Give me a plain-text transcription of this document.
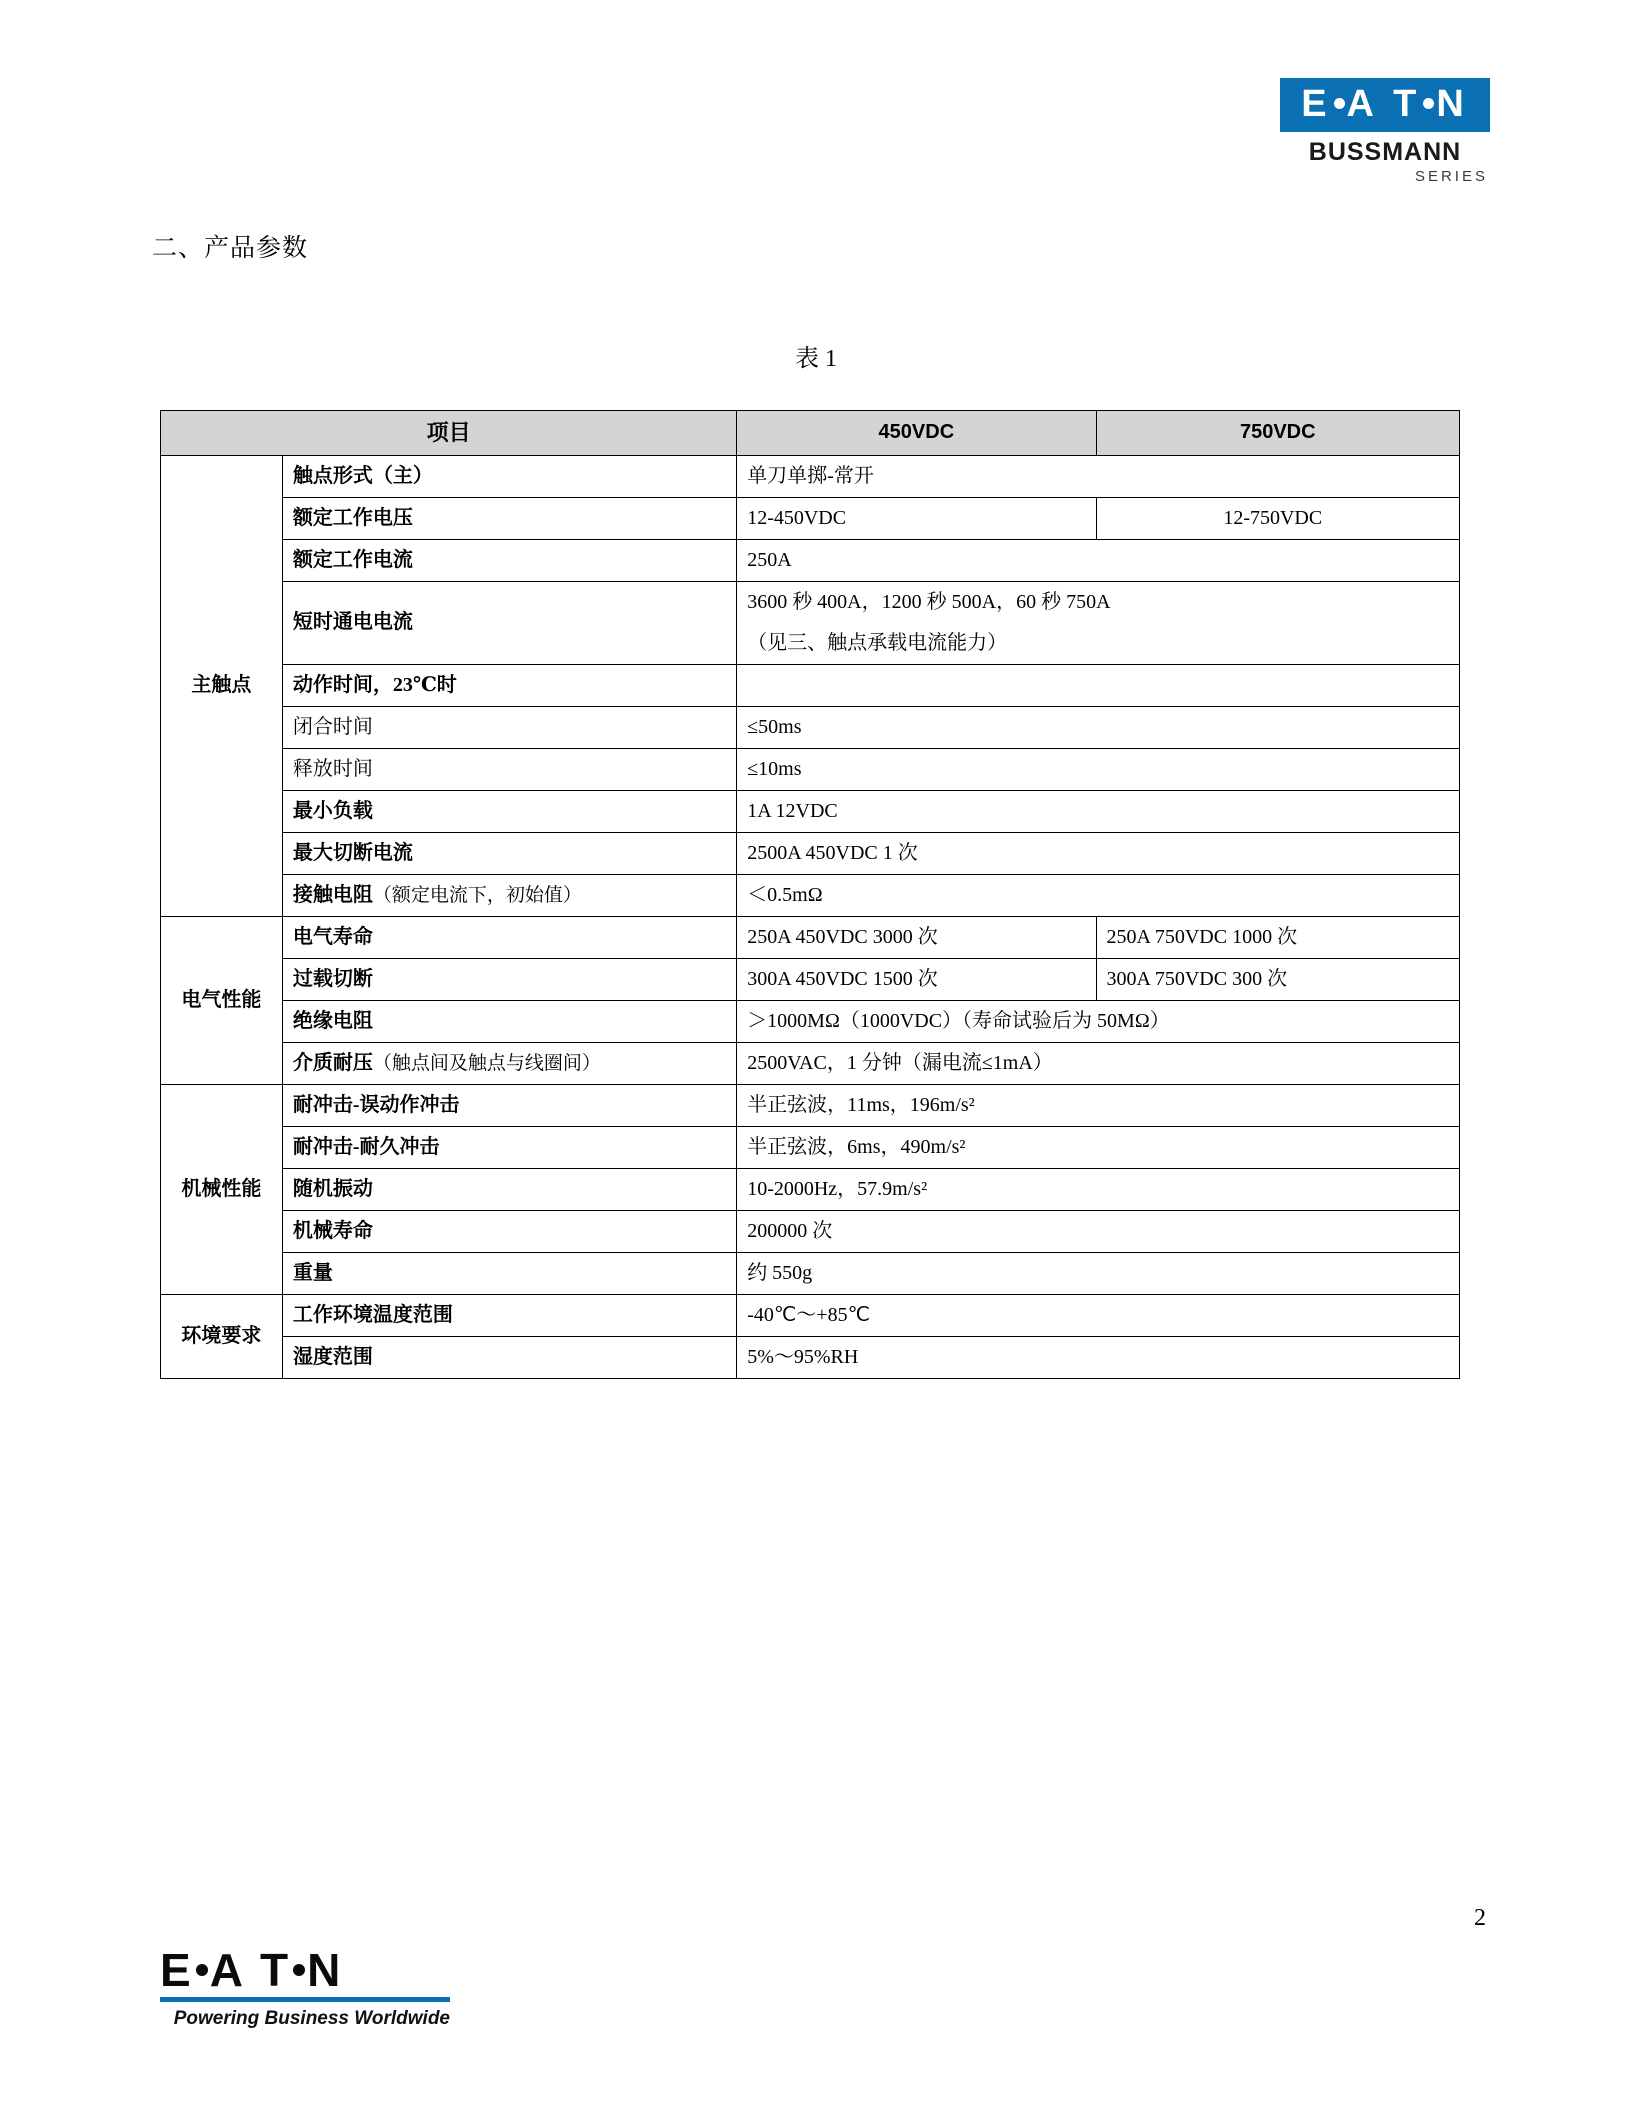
E A T N
BUSSMANN
SERIES
二、产品参数
表 1
项目		450VDC	750VDC
主触点	触点形式（主）	单刀单掷-常开	
	额定工作电压	12-450VDC	12-750VDC
	额定工作电流	250A	
	短时通电电流	3600 秒 400A，1200 秒 500A，60 秒 750A
（见三、触点承载电流能力）	

	动作时间，23℃时		
	闭合时间	≤50ms	
	释放时间	≤10ms	
	最小负载	1A 12VDC	
	最大切断电流	2500A 450VDC 1 次	
	接触电阻（额定电流下，初始值）	＜0.5mΩ	
电气性能	电气寿命	250A 450VDC 3000 次	250A 750VDC 1000 次
	过载切断	300A 450VDC 1500 次	300A 750VDC 300 次
	绝缘电阻	＞1000MΩ（1000VDC）（寿命试验后为 50MΩ）	
	介质耐压（触点间及触点与线圈间）	2500VAC，1 分钟（漏电流≤1mA）	
机械性能	耐冲击-误动作冲击	半正弦波，11ms，196m/s²	
	耐冲击-耐久冲击	半正弦波，6ms，490m/s²	
	随机振动	10-2000Hz，57.9m/s²	
	机械寿命	200000 次	
	重量	约 550g	
环境要求	工作环境温度范围	-40℃～+85℃	
	湿度范围	5%～95%RH	
2
E A T N
Powering Business Worldwide
